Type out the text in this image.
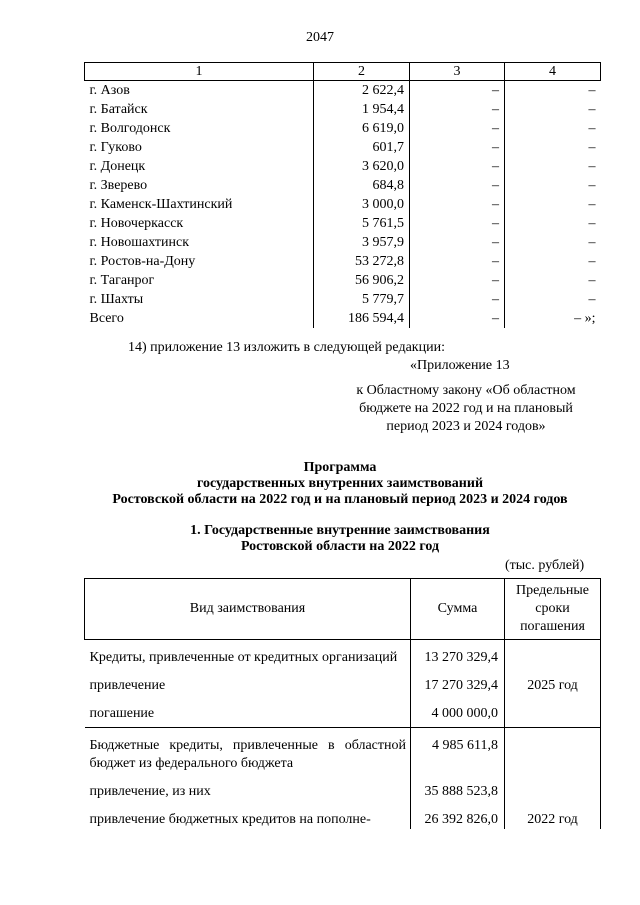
2047
1	2	3	4
г. Азов	2 622,4	–	–
г. Батайск	1 954,4	–	–
г. Волгодонск	6 619,0	–	–
г. Гуково	601,7	–	–
г. Донецк	3 620,0	–	–
г. Зверево	684,8	–	–
г. Каменск-Шахтинский	3 000,0	–	–
г. Новочеркасск	5 761,5	–	–
г. Новошахтинск	3 957,9	–	–
г. Ростов-на-Дону	53 272,8	–	–
г. Таганрог	56 906,2	–	–
г. Шахты	5 779,7	–	–
Всего	186 594,4	–	– »;
14) приложение 13 изложить в следующей редакции:
«Приложение 13
к Областному закону «Об областном
бюджете на 2022 год и на плановый
период 2023 и 2024 годов»
Программа
государственных внутренних заимствований
Ростовской области на 2022 год и на плановый период 2023 и 2024 годов
1. Государственные внутренние заимствования
Ростовской области на 2022 год
(тыс. рублей)
Вид заимствования	Сумма	Предельные сроки погашения

Кредиты, привлеченные от кредитных организаций	13 270 329,4	
привлечение	17 270 329,4	2025 год
погашение	4 000 000,0	
Бюджетные кредиты, привлеченные в областной бюджет из федерального бюджета	4 985 611,8	
привлечение, из них	35 888 523,8	
привлечение бюджетных кредитов на пополне-	26 392 826,0	2022 год
